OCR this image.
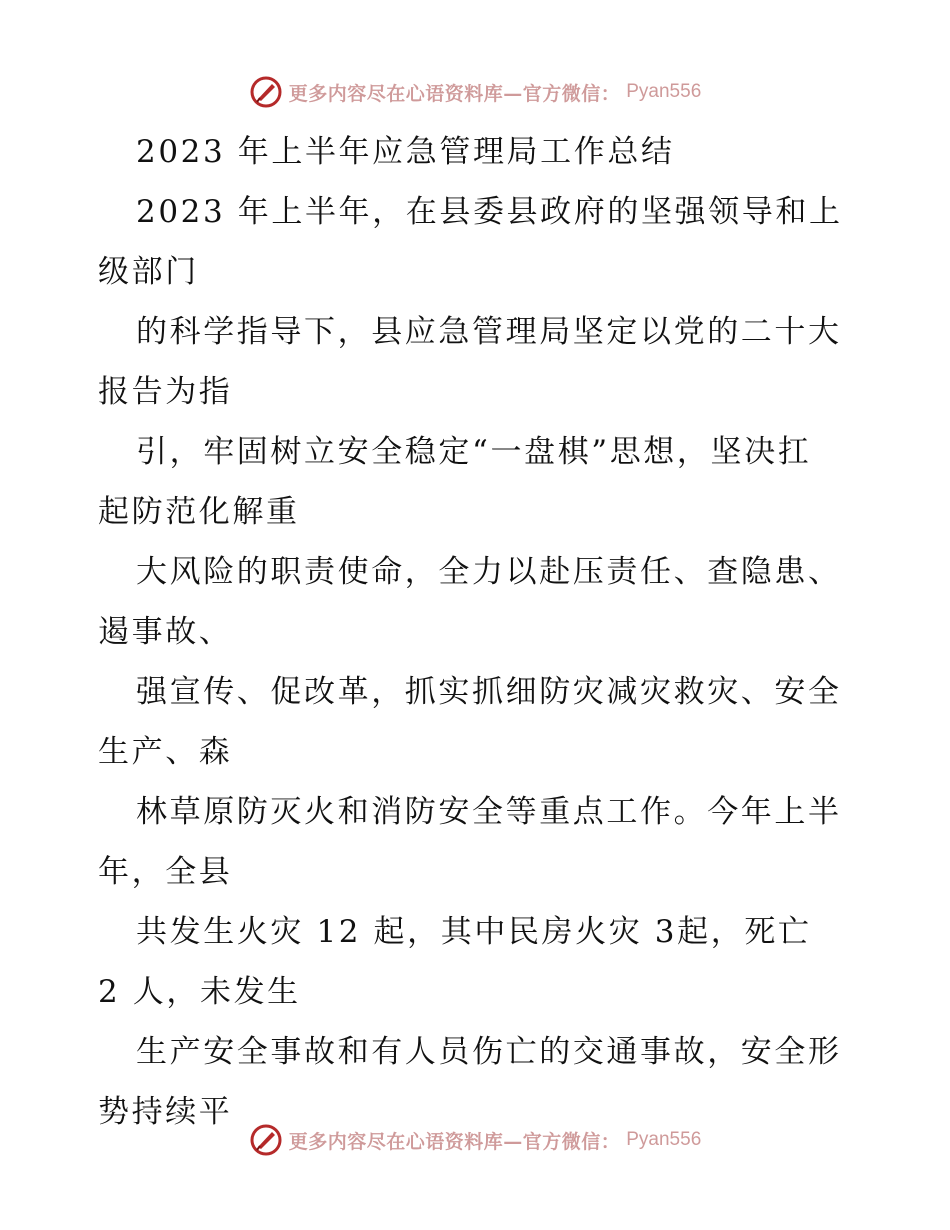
更多内容尽在心语资料库—官方微信： Pyan556

2023 年上半年应急管理局工作总结

2023 年上半年，在县委县政府的坚强领导和上

级部门

的科学指导下，县应急管理局坚定以党的二十大

报告为指

引，牢固树立安全稳定“一盘棋”思想，坚决扛

起防范化解重

大风险的职责使命，全力以赴压责任、查隐患、

遏事故、

强宣传、促改革，抓实抓细防灾减灾救灾、安全

生产、森

林草原防灭火和消防安全等重点工作。今年上半

年，全县

共发生火灾 12 起，其中民房火灾 3起，死亡

2 人，未发生

生产安全事故和有人员伤亡的交通事故，安全形

势持续平

更多内容尽在心语资料库—官方微信： Pyan556
